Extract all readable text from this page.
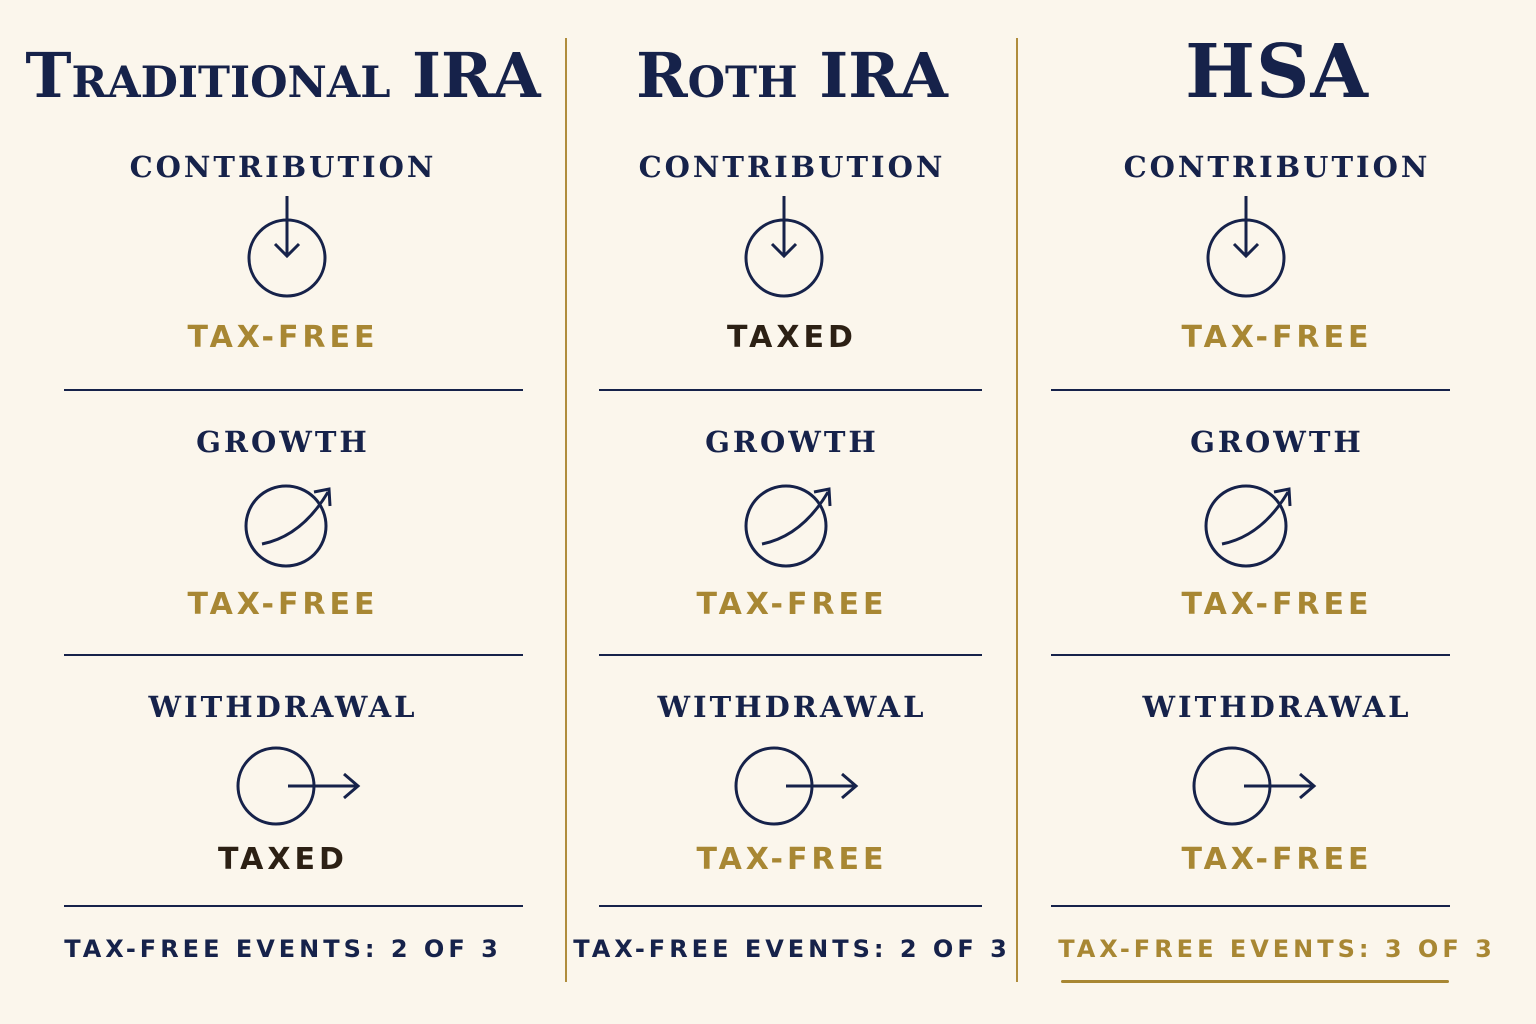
Traditional IRA
CONTRIBUTION
TAX-FREE
GROWTH
TAX-FREE
WITHDRAWAL
TAXED
TAX-FREE EVENTS: 2 OF 3
Roth IRA
CONTRIBUTION
TAXED
GROWTH
TAX-FREE
WITHDRAWAL
TAX-FREE
TAX-FREE EVENTS: 2 OF 3
HSA
CONTRIBUTION
TAX-FREE
GROWTH
TAX-FREE
WITHDRAWAL
TAX-FREE
TAX-FREE EVENTS: 3 OF 3
